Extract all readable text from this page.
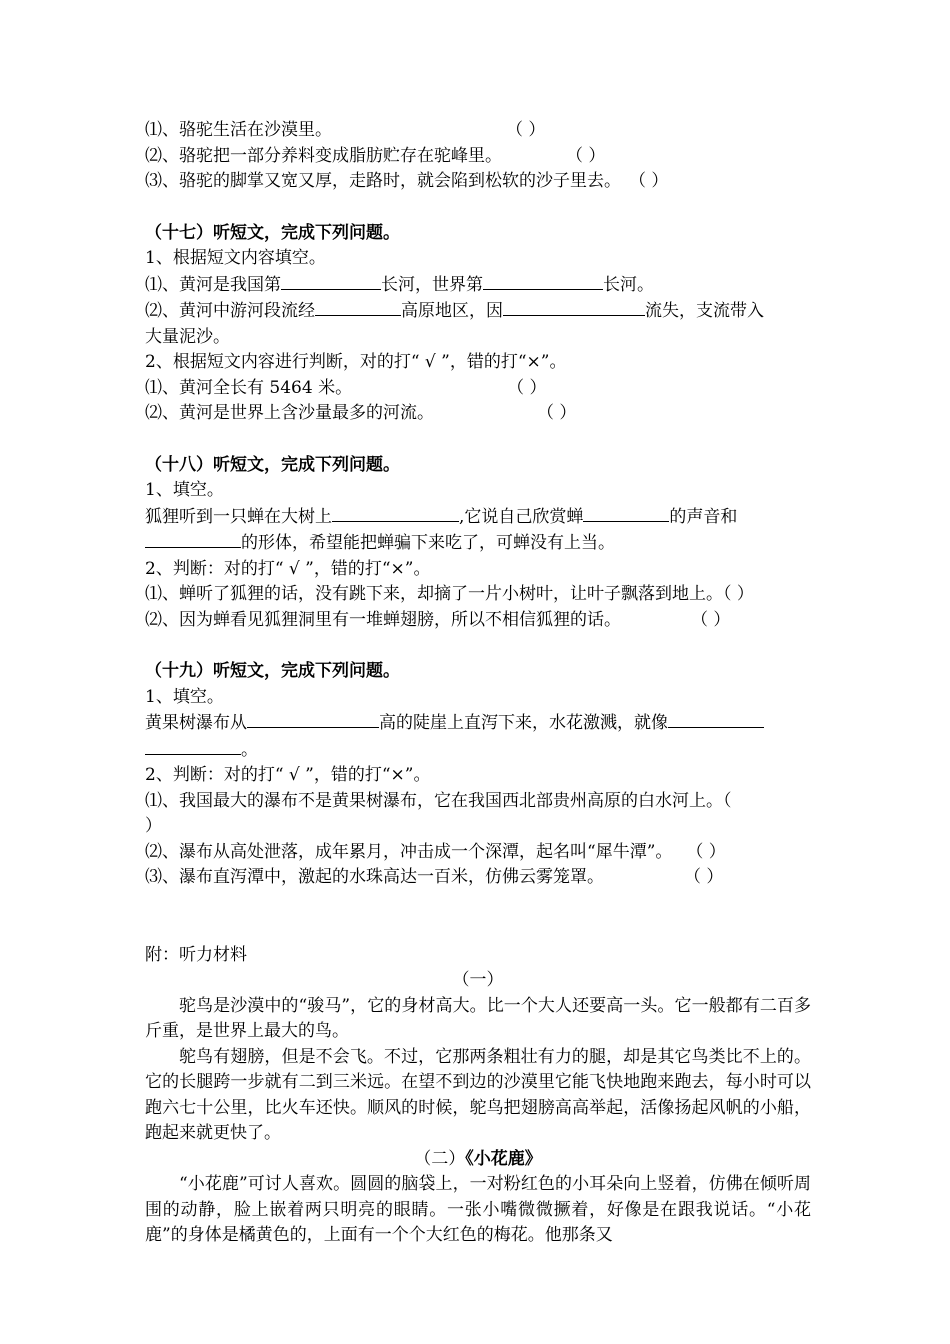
⑴、骆驼生活在沙漠里。	（ ）
⑵、骆驼把一部分养料变成脂肪贮存在驼峰里。	（ ）
⑶、骆驼的脚掌又宽又厚，走路时，就会陷到松软的沙子里去。 （ ）
（十七）听短文，完成下列问题。
1、根据短文内容填空。
⑴、黄河是我国第	长河，世界第	长河。
⑵、黄河中游河段流经	高原地区，因	流失，支流带入
大量泥沙。
2、根据短文内容进行判断，对的打“ √ ”，错的打“×”。
⑴、黄河全长有 5464 米。	（ ）
⑵、黄河是世界上含沙量最多的河流。	（ ）
（十八）听短文，完成下列问题。
1、填空。
狐狸听到一只蝉在大树上	,它说自己欣赏蝉	的声音和
的形体，希望能把蝉骗下来吃了，可蝉没有上当。
2、判断：对的打“ √ ”，错的打“×”。
⑴、蝉听了狐狸的话，没有跳下来，却摘了一片小树叶，让叶子飘落到地上。（ ）
⑵、因为蝉看见狐狸洞里有一堆蝉翅膀，所以不相信狐狸的话。	（ ）
（十九）听短文，完成下列问题。
1、填空。
黄果树瀑布从	高的陡崖上直泻下来，水花激溅，就像
。
2、判断：对的打“ √ ”，错的打“×”。
⑴、我国最大的瀑布不是黄果树瀑布，它在我国西北部贵州高原的白水河上。（
）
⑵、瀑布从高处泄落，成年累月，冲击成一个深潭，起名叫“犀牛潭”。 （ ）
⑶、瀑布直泻潭中，激起的水珠高达一百米，仿佛云雾笼罩。	（ ）
附：听力材料
（一）
驼鸟是沙漠中的“骏马”，它的身材高大。比一个大人还要高一头。它一般都有二百多斤重，是世界上最大的鸟。
鸵鸟有翅膀，但是不会飞。不过，它那两条粗壮有力的腿，却是其它鸟类比不上的。它的长腿跨一步就有二到三米远。在望不到边的沙漠里它能飞快地跑来跑去，每小时可以跑六七十公里，比火车还快。顺风的时候，鸵鸟把翅膀高高举起，活像扬起风帆的小船，跑起来就更快了。
（二）《小花鹿》
“小花鹿”可讨人喜欢。圆圆的脑袋上，一对粉红色的小耳朵向上竖着，仿佛在倾听周围的动静，脸上嵌着两只明亮的眼睛。一张小嘴微微撅着，好像是在跟我说话。“小花鹿”的身体是橘黄色的，上面有一个个大红色的梅花。他那条又
